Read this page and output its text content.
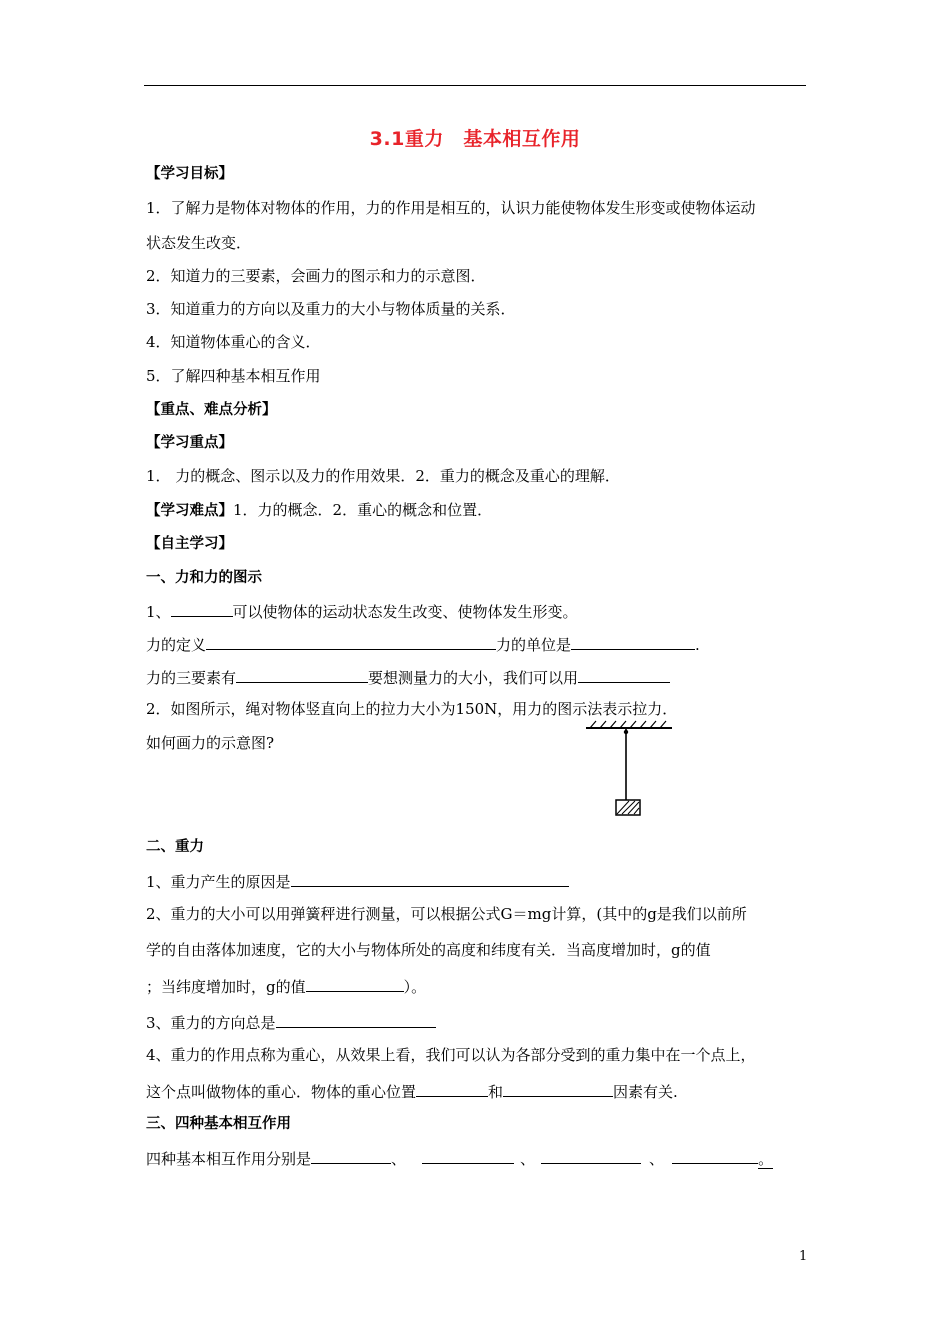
3.1重力　基本相互作用
【学习目标】
1．了解力是物体对物体的作用，力的作用是相互的，认识力能使物体发生形变或使物体运动
状态发生改变．
2．知道力的三要素，会画力的图示和力的示意图．
3．知道重力的方向以及重力的大小与物体质量的关系．
4．知道物体重心的含义．
5．了解四种基本相互作用
【重点、难点分析】
【学习重点】
1． 力的概念、图示以及力的作用效果．2．重力的概念及重心的理解．
【学习难点】1．力的概念．2．重心的概念和位置．
【自主学习】
一、力和力的图示
1、	可以使物体的运动状态发生改变、使物体发生形变。
力的定义	力的单位是	.
力的三要素有	要想测量力的大小，我们可以用
2．如图所示，绳对物体竖直向上的拉力大小为150N，用力的图示法表示拉力．
如何画力的示意图?
二、重力
1、重力产生的原因是
2、重力的大小可以用弹簧秤进行测量，可以根据公式G＝mg计算，(其中的g是我们以前所
学的自由落体加速度，它的大小与物体所处的高度和纬度有关．当高度增加时，g的值
；当纬度增加时，g的值	）。
3、重力的方向总是
4、重力的作用点称为重心，从效果上看，我们可以认为各部分受到的重力集中在一个点上，
这个点叫做物体的重心．物体的重心位置	和	因素有关.
三、四种基本相互作用
四种基本相互作用分别是	、	、	、	。
1
